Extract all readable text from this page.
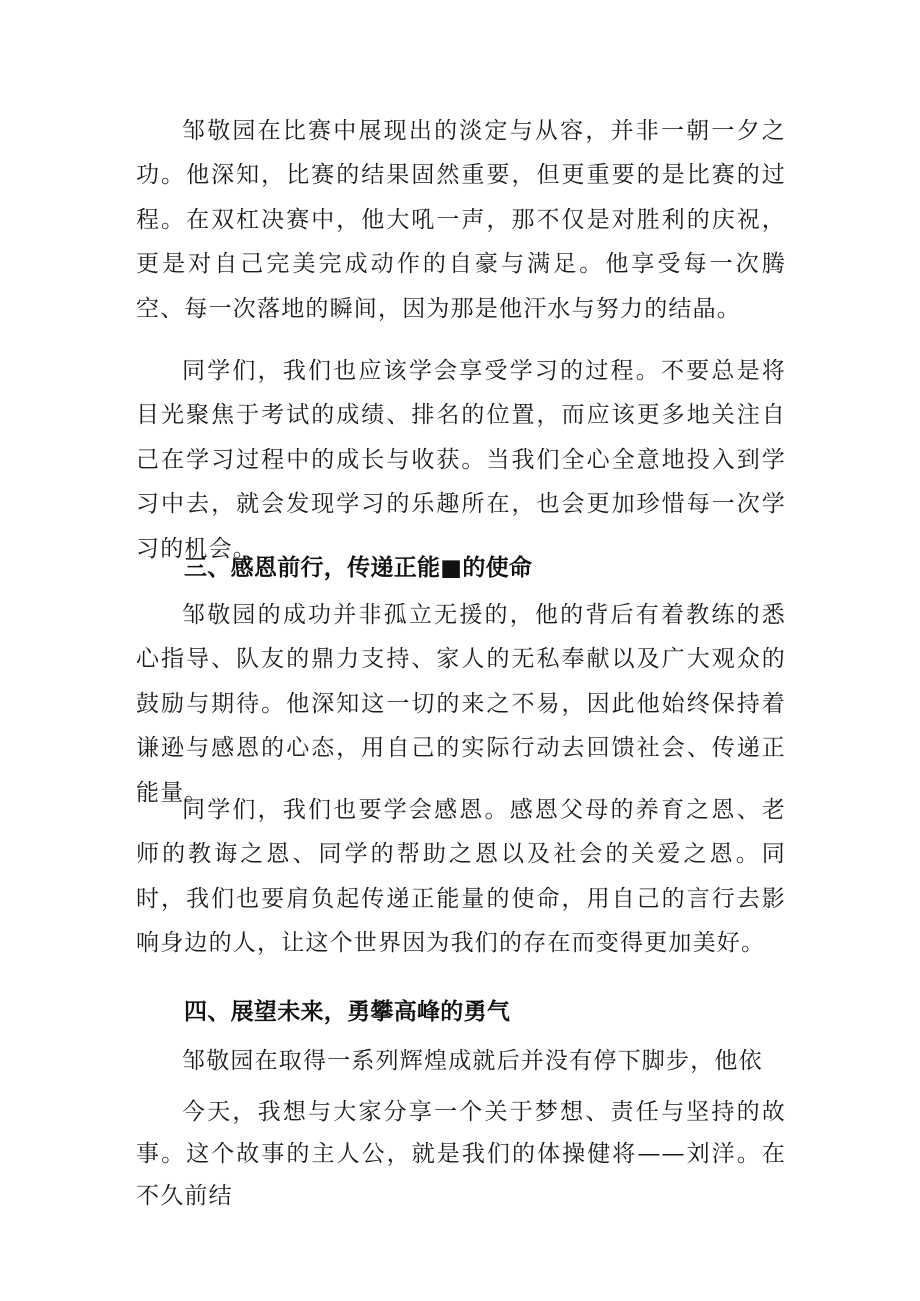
邹敬园在比赛中展现出的淡定与从容，并非一朝一夕之功。他深知，比赛的结果固然重要，但更重要的是比赛的过程。在双杠决赛中，他大吼一声，那不仅是对胜利的庆祝，更是对自己完美完成动作的自豪与满足。他享受每一次腾空、每一次落地的瞬间，因为那是他汗水与努力的结晶。

同学们，我们也应该学会享受学习的过程。不要总是将目光聚焦于考试的成绩、排名的位置，而应该更多地关注自己在学习过程中的成长与收获。当我们全心全意地投入到学习中去，就会发现学习的乐趣所在，也会更加珍惜每一次学习的机会。

三、感恩前行，传递正能■的使命

邹敬园的成功并非孤立无援的，他的背后有着教练的悉心指导、队友的鼎力支持、家人的无私奉献以及广大观众的鼓励与期待。他深知这一切的来之不易，因此他始终保持着谦逊与感恩的心态，用自己的实际行动去回馈社会、传递正能量。

同学们，我们也要学会感恩。感恩父母的养育之恩、老师的教诲之恩、同学的帮助之恩以及社会的关爱之恩。同时，我们也要肩负起传递正能量的使命，用自己的言行去影响身边的人，让这个世界因为我们的存在而变得更加美好。

四、展望未来，勇攀高峰的勇气

邹敬园在取得一系列辉煌成就后并没有停下脚步，他依

今天，我想与大家分享一个关于梦想、责任与坚持的故事。这个故事的主人公，就是我们的体操健将——刘洋。在不久前结
